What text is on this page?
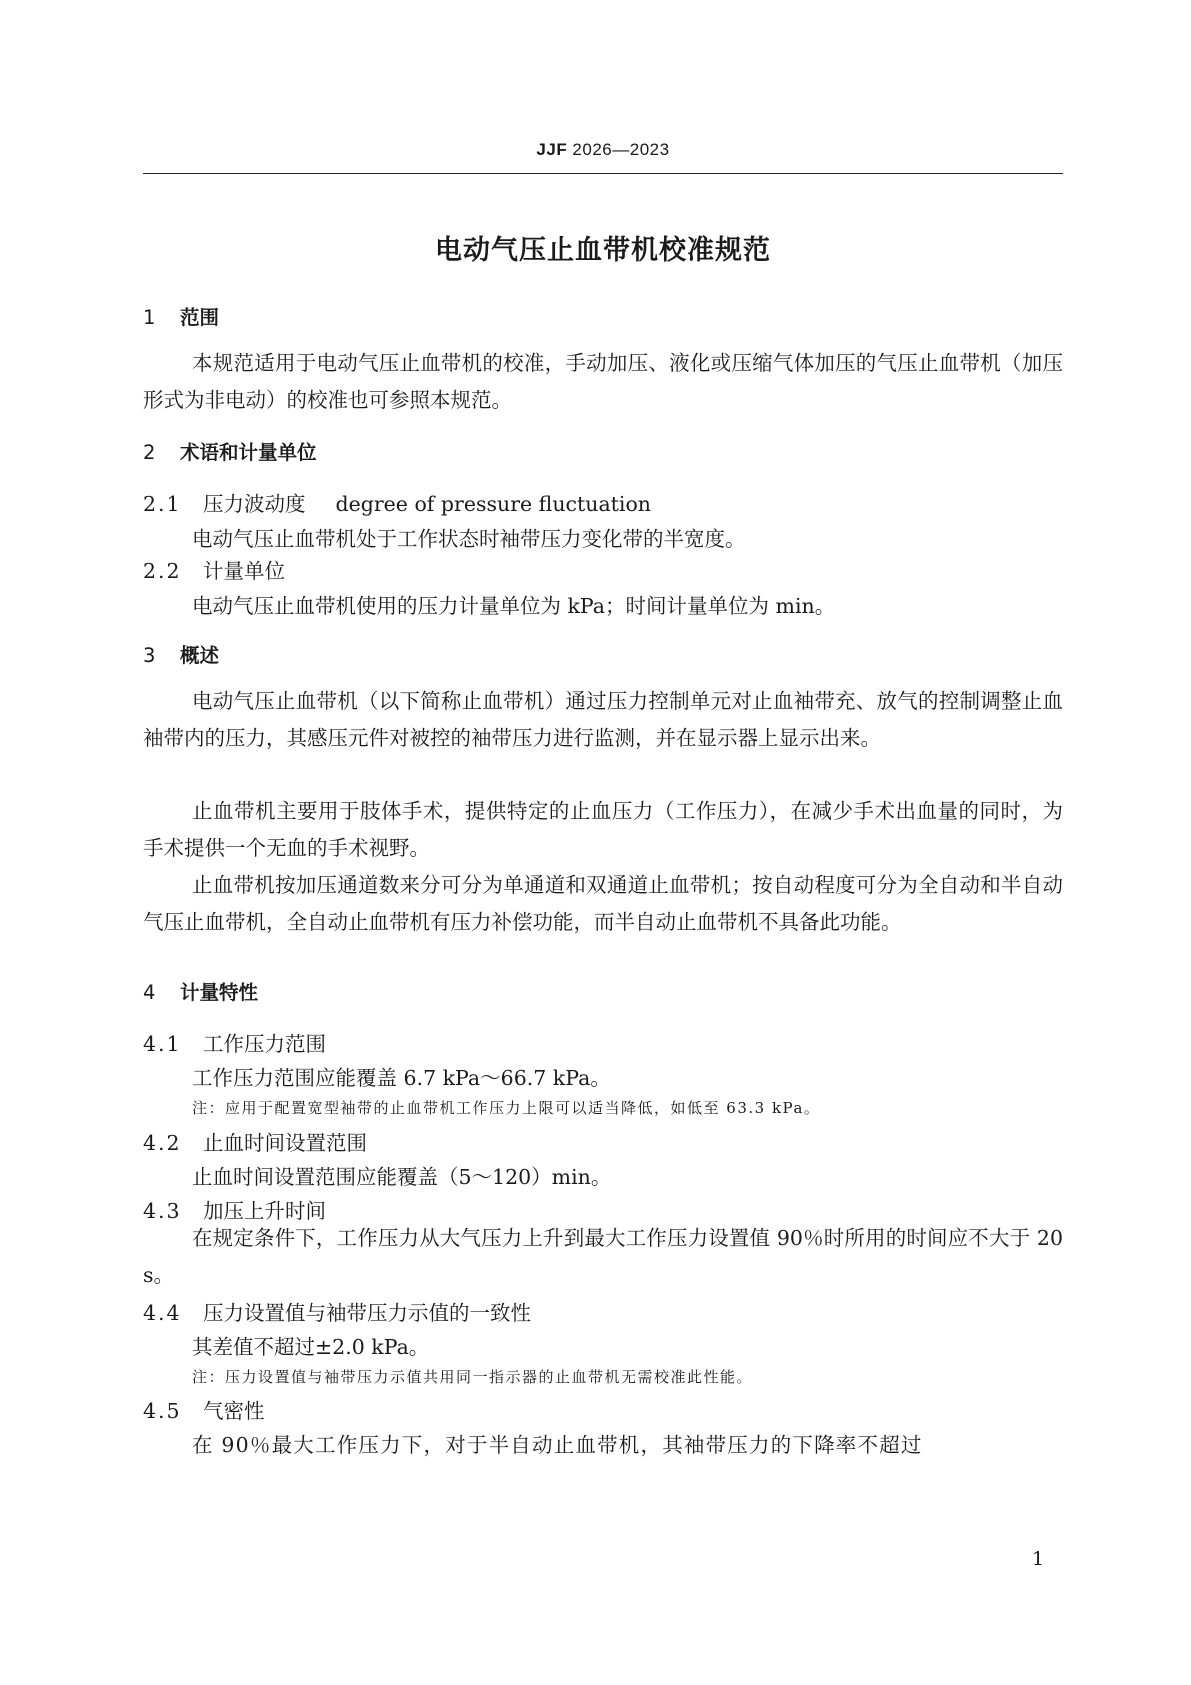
JJF 2026—2023
电动气压止血带机校准规范
1 范围
本规范适用于电动气压止血带机的校准，手动加压、液化或压缩气体加压的气压止血带机（加压形式为非电动）的校准也可参照本规范。
2 术语和计量单位
2.1 压力波动度 degree of pressure fluctuation
电动气压止血带机处于工作状态时袖带压力变化带的半宽度。
2.2 计量单位
电动气压止血带机使用的压力计量单位为 kPa；时间计量单位为 min。
3 概述
电动气压止血带机（以下简称止血带机）通过压力控制单元对止血袖带充、放气的控制调整止血袖带内的压力，其感压元件对被控的袖带压力进行监测，并在显示器上显示出来。
止血带机主要用于肢体手术，提供特定的止血压力（工作压力），在减少手术出血量的同时，为手术提供一个无血的手术视野。
止血带机按加压通道数来分可分为单通道和双通道止血带机；按自动程度可分为全自动和半自动气压止血带机，全自动止血带机有压力补偿功能，而半自动止血带机不具备此功能。
4 计量特性
4.1 工作压力范围
工作压力范围应能覆盖 6.7 kPa～66.7 kPa。
注：应用于配置宽型袖带的止血带机工作压力上限可以适当降低，如低至 63.3 kPa。
4.2 止血时间设置范围
止血时间设置范围应能覆盖（5～120）min。
4.3 加压上升时间
在规定条件下，工作压力从大气压力上升到最大工作压力设置值 90％时所用的时间应不大于 20 s。
4.4 压力设置值与袖带压力示值的一致性
其差值不超过±2.0 kPa。
注：压力设置值与袖带压力示值共用同一指示器的止血带机无需校准此性能。
4.5 气密性
在 90％最大工作压力下，对于半自动止血带机，其袖带压力的下降率不超过
1
